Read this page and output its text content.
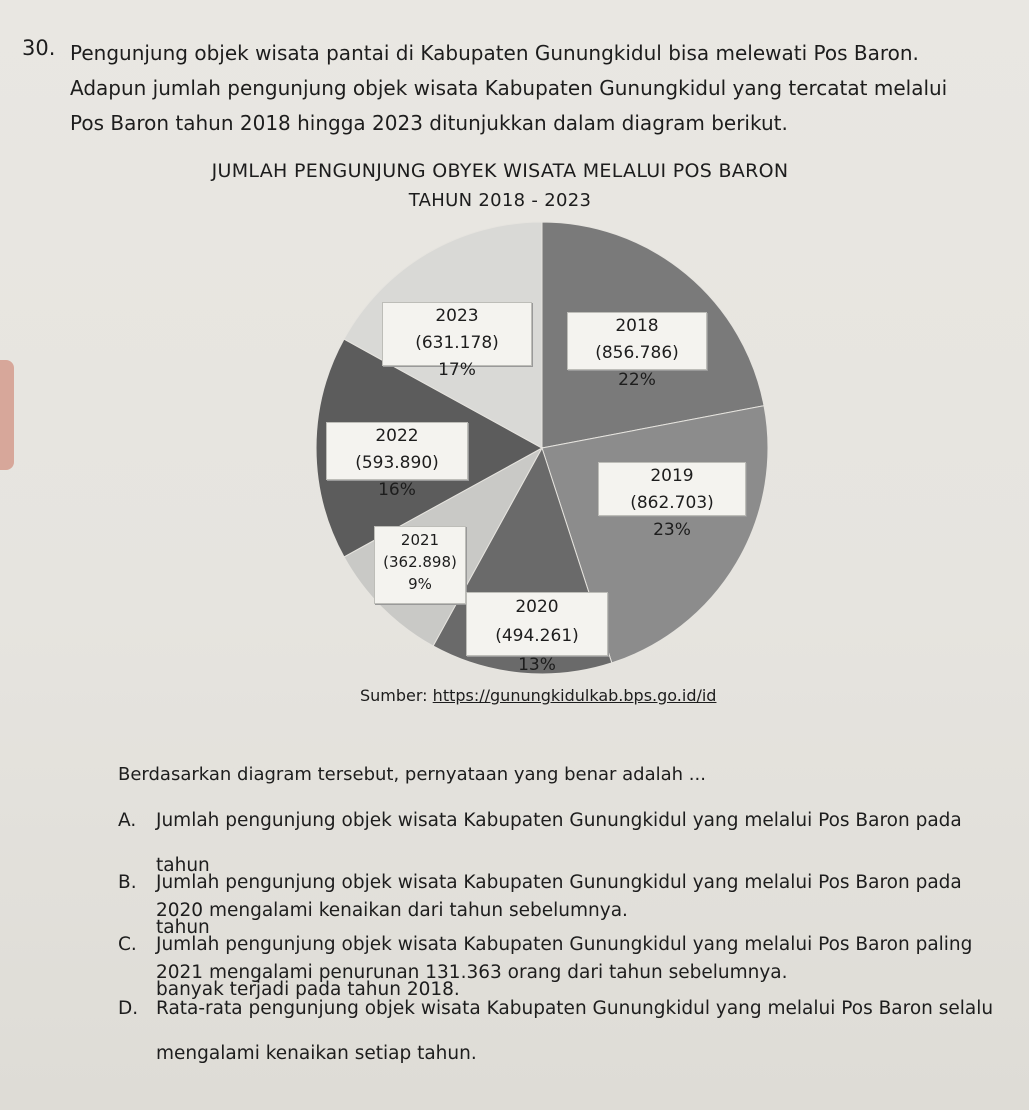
30. Pengunjung objek wisata pantai di Kabupaten Gunungkidul bisa melewati Pos Baron. Adapun jumlah pengunjung objek wisata Kabupaten Gunungkidul yang tercatat melalui Pos Baron tahun 2018 hingga 2023 ditunjukkan dalam diagram berikut.
JUMLAH PENGUNJUNG OBYEK WISATA MELALUI POS BARON
TAHUN 2018 - 2023
2023
(631.178)
17%
2018
(856.786)
22%
2022
(593.890)
16%
2019
(862.703)
23%
2021
(362.898)
9%
2020
(494.261)
13%
Sumber: https://gunungkidulkab.bps.go.id/id
Berdasarkan diagram tersebut, pernyataan yang benar adalah ...
A. Jumlah pengunjung objek wisata Kabupaten Gunungkidul yang melalui Pos Baron pada tahun
2020 mengalami kenaikan dari tahun sebelumnya.
B. Jumlah pengunjung objek wisata Kabupaten Gunungkidul yang melalui Pos Baron pada tahun
2021 mengalami penurunan 131.363 orang dari tahun sebelumnya.
C. Jumlah pengunjung objek wisata Kabupaten Gunungkidul yang melalui Pos Baron paling
banyak terjadi pada tahun 2018.
D. Rata-rata pengunjung objek wisata Kabupaten Gunungkidul yang melalui Pos Baron selalu
mengalami kenaikan setiap tahun.
